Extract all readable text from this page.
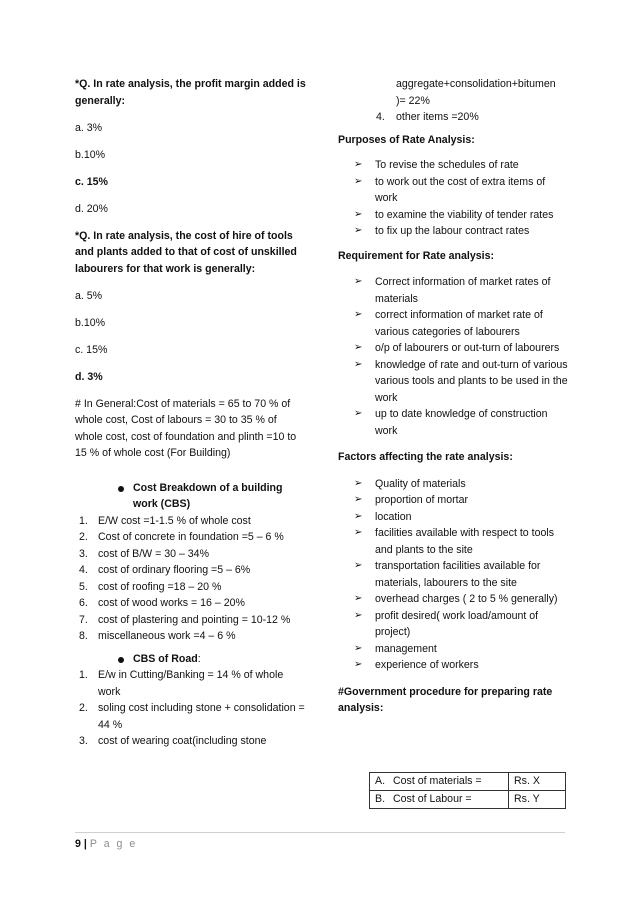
*Q. In rate analysis, the profit margin added is generally:

a. 3%

b.10%

c. 15%

d. 20%

*Q. In rate analysis, the cost of hire of tools and plants added to that of cost of unskilled labourers for that work is generally:

a. 5%

b.10%

c. 15%

d. 3%

# In General:Cost of materials = 65 to 70 % of whole cost, Cost of labours = 30 to 35 % of whole cost, cost of foundation and plinth =10 to 15 % of whole cost (For Building)

Cost Breakdown of a building work (CBS)
1. E/W cost =1-1.5 % of whole cost
2. Cost of concrete in foundation =5 – 6 %
3. cost of B/W = 30 – 34%
4. cost of ordinary flooring =5 – 6%
5. cost of roofing =18 – 20 %
6. cost of wood works = 16 – 20%
7. cost of plastering and pointing = 10-12 %
8. miscellaneous work =4 – 6 %
CBS of Road:
1. E/w in Cutting/Banking = 14 % of whole work
2. soling cost including stone + consolidation = 44 %
3. cost of wearing coat(including stone
aggregate+consolidation+bitumen )= 22%
4. other items =20%

Purposes of Rate Analysis:

➢ To revise the schedules of rate
➢ to work out the cost of extra items of work
➢ to examine the viability of tender rates
➢ to fix up the labour contract rates

Requirement for Rate analysis:

➢ Correct information of market rates of materials
➢ correct information of market rate of various categories of labourers
➢ o/p of labourers or out-turn of labourers
➢ knowledge of rate and out-turn of various various tools and plants to be used in the work
➢ up to date knowledge of construction work

Factors affecting the rate analysis:

➢ Quality of materials
➢ proportion of mortar
➢ location
➢ facilities available with respect to tools and plants to the site
➢ transportation facilities available for materials, labourers to the site
➢ overhead charges ( 2 to 5 % generally)
➢ profit desired( work load/amount of project)
➢ management
➢ experience of workers

#Government procedure for preparing rate analysis:

A. Cost of materials =	Rs. X
B. Cost of Labour =	Rs. Y
9 | P a g e
